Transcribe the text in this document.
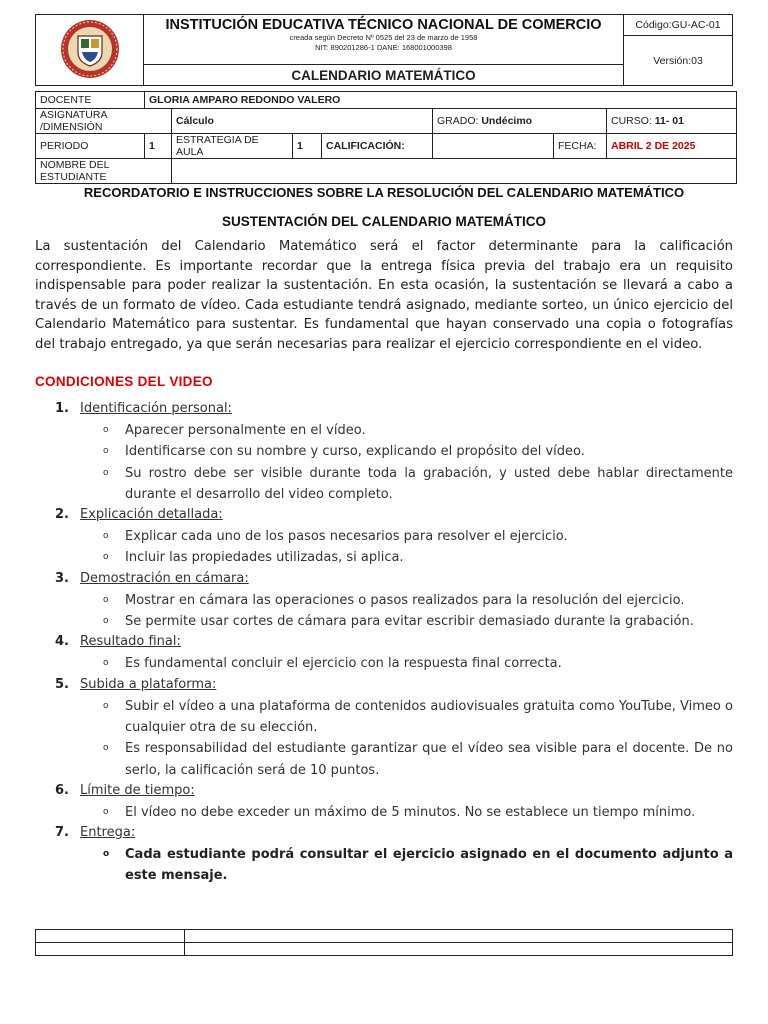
INSTITUCIÓN EDUCATIVA TÉCNICO NACIONAL DE COMERCIO
creada según Decreto Nº 0525 del 23 de marzo de 1958
NIT: 890201286-1 DANE: 168001000398
	Código:GU-AC-01
Versión:03
CALENDARIO MATEMÁTICO
DOCENTE	GLORIA AMPARO REDONDO VALERO						
ASIGNATURA /DIMENSIÓN		Cálculo			GRADO: Undécimo		CURSO: 11- 01
PERIODO	1	ESTRATEGIA DE AULA	1	CALIFICACIÓN:		FECHA:	ABRIL 2 DE 2025
NOMBRE DEL ESTUDIANTE							
RECORDATORIO E INSTRUCCIONES SOBRE LA RESOLUCIÓN DEL CALENDARIO MATEMÁTICO
SUSTENTACIÓN DEL CALENDARIO MATEMÁTICO

La sustentación del Calendario Matemático será el factor determinante para la calificación correspondiente. Es importante recordar que la entrega física previa del trabajo era un requisito indispensable para poder realizar la sustentación. En esta ocasión, la sustentación se llevará a cabo a través de un formato de vídeo. Cada estudiante tendrá asignado, mediante sorteo, un único ejercicio del Calendario Matemático para sustentar. Es fundamental que hayan conservado una copia o fotografías del trabajo entregado, ya que serán necesarias para realizar el ejercicio correspondiente en el video.

CONDICIONES DEL VIDEO
1. Identificación personal:
o Aparecer personalmente en el vídeo.
o Identificarse con su nombre y curso, explicando el propósito del vídeo.
o Su rostro debe ser visible durante toda la grabación, y usted debe hablar directamente durante el desarrollo del video completo.
2. Explicación detallada:
o Explicar cada uno de los pasos necesarios para resolver el ejercicio.
o Incluir las propiedades utilizadas, si aplica.
3. Demostración en cámara:
o Mostrar en cámara las operaciones o pasos realizados para la resolución del ejercicio.
o Se permite usar cortes de cámara para evitar escribir demasiado durante la grabación.
4. Resultado final:
o Es fundamental concluir el ejercicio con la respuesta final correcta.
5. Subida a plataforma:
o Subir el vídeo a una plataforma de contenidos audiovisuales gratuita como YouTube, Vimeo o cualquier otra de su elección.
o Es responsabilidad del estudiante garantizar que el vídeo sea visible para el docente. De no serlo, la calificación será de 10 puntos.
6. Límite de tiempo:
o El vídeo no debe exceder un máximo de 5 minutos. No se establece un tiempo mínimo.
7. Entrega:
o Cada estudiante podrá consultar el ejercicio asignado en el documento adjunto a este mensaje.
